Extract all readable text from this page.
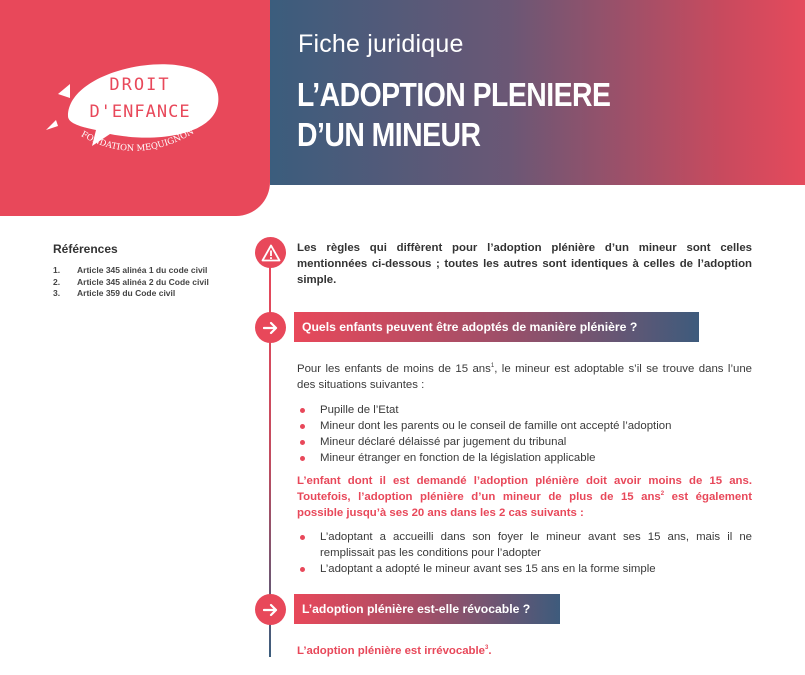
DROIT
D'ENFANCE
FONDATION MEQUIGNON
Fiche juridique
L’ADOPTION PLENIERE
D’UN MINEUR
Références
1.	Article 345 alinéa 1 du code civil
2.	Article 345 alinéa 2 du Code civil
3.	Article 359 du Code civil
Les règles qui diffèrent pour l’adoption plénière d’un mineur sont celles mentionnées ci-dessous ; toutes les autres sont identiques à celles de l’adoption simple.
Quels enfants peuvent être adoptés de manière plénière ?
Pour les enfants de moins de 15 ans$^1$, le mineur est adoptable s’il se trouve dans l’une des situations suivantes :
Pupille de l’Etat
Mineur dont les parents ou le conseil de famille ont accepté l’adoption
Mineur déclaré délaissé par jugement du tribunal
Mineur étranger en fonction de la législation applicable
L’enfant dont il est demandé l’adoption plénière doit avoir moins de 15 ans. Toutefois, l’adoption plénière d’un mineur de plus de 15 ans$^2$ est également possible jusqu’à ses 20 ans dans les 2 cas suivants :
L’adoptant a accueilli dans son foyer le mineur avant ses 15 ans, mais il ne remplissait pas les conditions pour l’adopter
L’adoptant a adopté le mineur avant ses 15 ans en la forme simple
L’adoption plénière est-elle révocable ?
L’adoption plénière est irrévocable$^3$.
